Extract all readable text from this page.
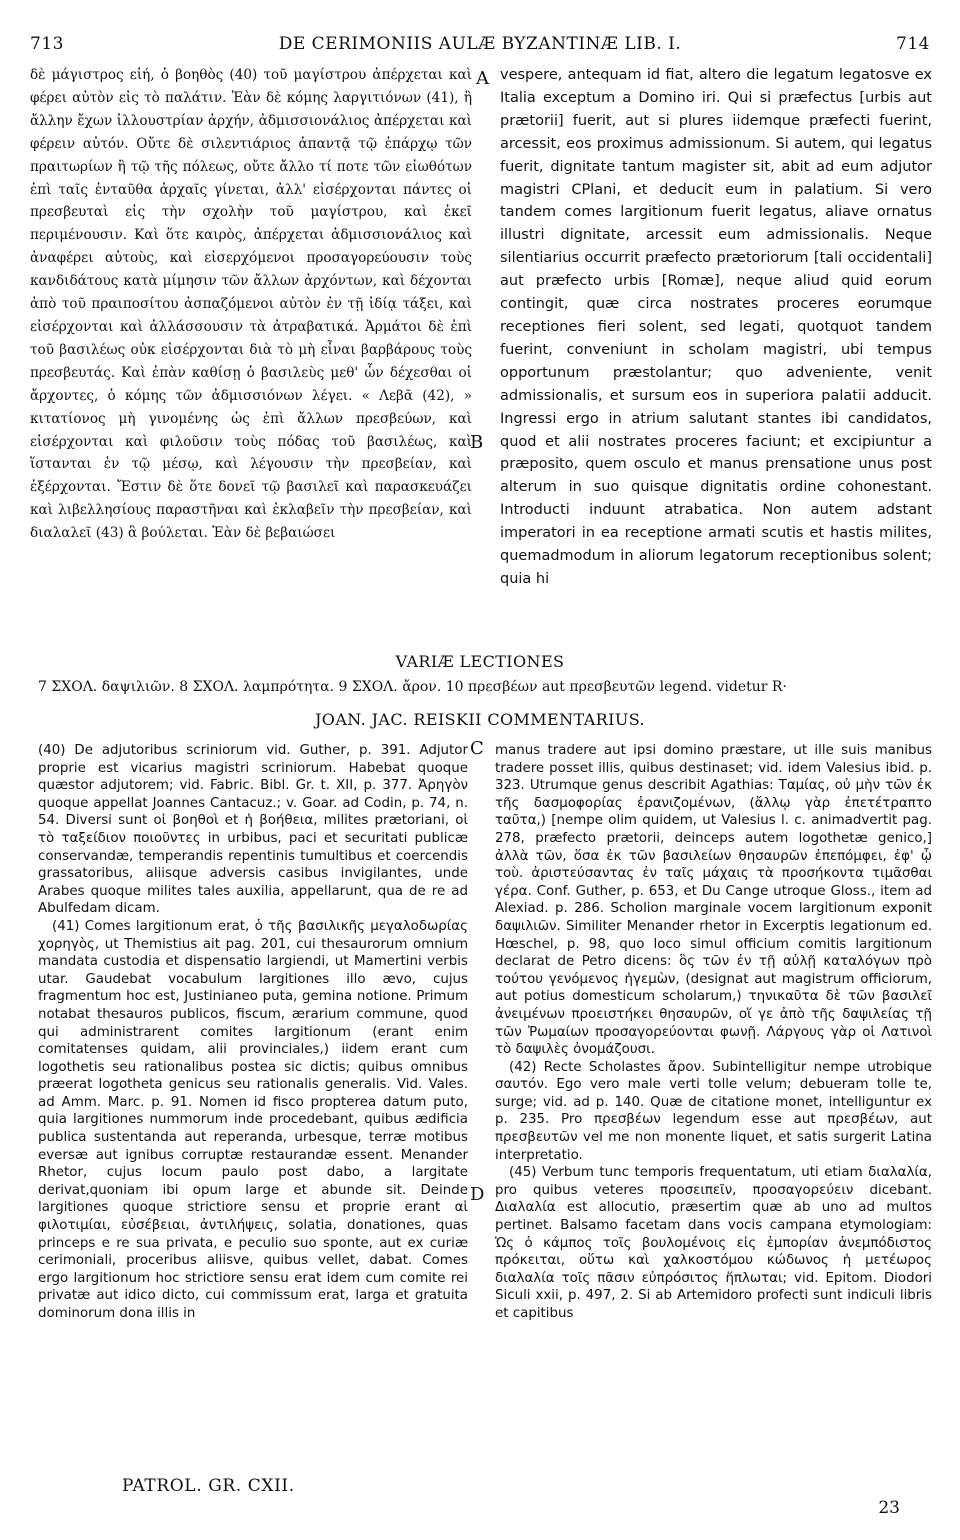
713	DE CERIMONIIS AULÆ BYZANTINÆ LIB. I.	714
A
B
C
D

δὲ μάγιστρος εἰή, ὁ βοηθὸς (40) τοῦ μαγίστρου ἀπέρχεται καὶ φέρει αὐτὸν εἰς τὸ παλάτιν. Ἐὰν δὲ κόμης λαργιτιόνων (41), ἢ ἄλλην ἔχων ἰλλουστρίαν ἀρχήν, ἀδμισσιονάλιος ἀπέρχεται καὶ φέρειν αὐτόν. Οὔτε δὲ σιλεντιάριος ἀπαντᾷ τῷ ἐπάρχῳ τῶν πραιτωρίων ἢ τῷ τῆς πόλεως, οὔτε ἄλλο τί ποτε τῶν εἰωθότων ἐπὶ ταῖς ἐνταῦθα ἀρχαῖς γίνεται, ἀλλ' εἰσέρχονται πάντες οἱ πρεσβευταὶ εἰς τὴν σχολὴν τοῦ μαγίστρου, καὶ ἐκεῖ περιμένουσιν. Καὶ ὅτε καιρὸς, ἀπέρχεται ἀδμισσιονάλιος καὶ ἀναφέρει αὐτοὺς, καὶ εἰσερχόμενοι προσαγορεύουσιν τοὺς κανδιδάτους κατὰ μίμησιν τῶν ἄλλων ἀρχόντων, καὶ δέχονται ἀπὸ τοῦ πραιποσίτου ἀσπαζόμενοι αὐτὸν ἐν τῇ ἰδίᾳ τάξει, καὶ εἰσέρχονται καὶ ἀλλάσσουσιν τὰ ἀτραβατικά. Ἀρμάτοι δὲ ἐπὶ τοῦ βασιλέως οὐκ εἰσέρχονται διὰ τὸ μὴ εἶναι βαρβάρους τοὺς πρεσβευτάς. Καὶ ἐπὰν καθίσῃ ὁ βασιλεὺς μεθ' ὧν δέχεσθαι οἱ ἄρχοντες, ὁ κόμης τῶν ἀδμισσιόνων λέγει. « Λεβᾶ (42), » κιτατίονος μὴ γινομένης ὡς ἐπὶ ἄλλων πρεσβεύων, καὶ εἰσέρχονται καὶ φιλοῦσιν τοὺς πόδας τοῦ βασιλέως, καὶ ἵστανται ἐν τῷ μέσῳ, καὶ λέγουσιν τὴν πρεσβείαν, καὶ ἐξέρχονται. Ἔστιν δὲ ὅτε δονεῖ τῷ βασιλεῖ καὶ παρασκευάζει καὶ λιβελλησίους παραστῆναι καὶ ἐκλαβεῖν τὴν πρεσβείαν, καὶ διαλαλεῖ (43) ἃ βούλεται. Ἐὰν δὲ βεβαιώσει

vespere, antequam id fiat, altero die legatum legatosve ex Italia exceptum a Domino iri. Qui si præfectus [urbis aut prætorii] fuerit, aut si plures iidemque præfecti fuerint, arcessit, eos proximus admissionum. Si autem, qui legatus fuerit, dignitate tantum magister sit, abit ad eum adjutor magistri CPlani, et deducit eum in palatium. Si vero tandem comes largitionum fuerit legatus, aliave ornatus illustri dignitate, arcessit eum admissionalis. Neque silentiarius occurrit præfecto prætoriorum [tali occidentali] aut præfecto urbis [Romæ], neque aliud quid eorum contingit, quæ circa nostrates proceres eorumque receptiones fieri solent, sed legati, quotquot tandem fuerint, conveniunt in scholam magistri, ubi tempus opportunum præstolantur; quo adveniente, venit admissionalis, et sursum eos in superiora palatii adducit. Ingressi ergo in atrium salutant stantes ibi candidatos, quod et alii nostrates proceres faciunt; et excipiuntur a præposito, quem osculo et manus prensatione unus post alterum in suo quisque dignitatis ordine cohonestant. Introducti induunt atrabatica. Non autem adstant imperatori in ea receptione armati scutis et hastis milites, quemadmodum in aliorum legatorum receptionibus solent; quia hi

VARIÆ LECTIONES
7 ΣΧΟΛ. δαψιλιῶν. 8 ΣΧΟΛ. λαμπρότητα. 9 ΣΧΟΛ. ἄρον. 10 πρεσβέων aut πρεσβευτῶν legend. videtur R·
JOAN. JAC. REISKII COMMENTARIUS.

(40) De adjutoribus scriniorum vid. Guther, p. 391. Adjutor proprie est vicarius magistri scriniorum. Habebat quoque quæstor adjutorem; vid. Fabric. Bibl. Gr. t. XII, p. 377. Ἀρηγὸν quoque appellat Joannes Cantacuz.; v. Goar. ad Codin, p. 74, n. 54. Diversi sunt οἱ βοηθοὶ et ἡ βοήθεια, milites prætoriani, οἱ τὸ ταξείδιον ποιοῦντες in urbibus, paci et securitati publicæ conservandæ, temperandis repentinis tumultibus et coercendis grassatoribus, aliisque adversis casibus invigilantes, unde Arabes quoque milites tales auxilia, appellarunt, qua de re ad Abulfedam dicam.

(41) Comes largitionum erat, ὁ τῆς βασιλικῆς μεγαλοδωρίας χορηγὸς, ut Themistius ait pag. 201, cui thesaurorum omnium mandata custodia et dispensatio largiendi, ut Mamertini verbis utar. Gaudebat vocabulum largitiones illo ævo, cujus fragmentum hoc est, Justinianeo puta, gemina notione. Primum notabat thesauros publicos, fiscum, ærarium commune, quod qui administrarent comites largitionum (erant enim comitatenses quidam, alii provinciales,) iidem erant cum logothetis seu rationalibus postea sic dictis; quibus omnibus præerat logotheta genicus seu rationalis generalis. Vid. Vales. ad Amm. Marc. p. 91. Nomen id fisco propterea datum puto, quia largitiones nummorum inde procedebant, quibus ædificia publica sustentanda aut reperanda, urbesque, terræ motibus eversæ aut ignibus corruptæ restaurandæ essent. Menander Rhetor, cujus locum paulo post dabo, a largitate derivat,quoniam ibi opum large et abunde sit. Deinde largitiones quoque strictiore sensu et proprie erant αἱ φιλοτιμίαι, εὐσέβειαι, ἀντιλήψεις, solatia, donationes, quas princeps e re sua privata, e peculio suo sponte, aut ex curiæ cerimoniali, proceribus aliisve, quibus vellet, dabat. Comes ergo largitionum hoc strictiore sensu erat idem cum comite rei privatæ aut idico dicto, cui commissum erat, larga et gratuita dominorum dona illis in

manus tradere aut ipsi domino præstare, ut ille suis manibus tradere posset illis, quibus destinaset; vid. idem Valesius ibid. p. 323. Utrumque genus describit Agathias: Ταμίας, οὐ μὴν τῶν ἐκ τῆς δασμοφορίας ἐρανιζομένων, (ἄλλῳ γὰρ ἐπετέτραπτο ταῦτα,) [nempe olim quidem, ut Valesius l. c. animadvertit pag. 278, præfecto prætorii, deinceps autem logothetæ genico,] ἀλλὰ τῶν, ὅσα ἐκ τῶν βασιλείων θησαυρῶν ἐπεπόμφει, ἐφ' ᾧ τοὺ. ἀριστεύσαντας ἐν ταῖς μάχαις τὰ προσήκοντα τιμᾶσθαι γέρα. Conf. Guther, p. 653, et Du Cange utroque Gloss., item ad Alexiad. p. 286. Scholion marginale vocem largitionum exponit δαψιλιῶν. Similiter Menander rhetor in Excerptis legationum ed. Hœschel, p. 98, quo loco simul officium comitis largitionum declarat de Petro dicens: ὃς τῶν ἐν τῇ αὐλῇ καταλόγων πρὸ τούτου γενόμενος ἡγεμὼν, (designat aut magistrum officiorum, aut potius domesticum scholarum,) τηνικαῦτα δὲ τῶν βασιλεῖ ἀνειμένων προειστήκει θησαυρῶν, οἵ γε ἀπὸ τῆς δαψιλείας τῇ τῶν Ῥωμαίων προσαγορεύονται φωνῇ. Λάργους γὰρ οἱ Λατινοὶ τὸ δαψιλὲς ὀνομάζουσι.

(42) Recte Scholastes ἄρον. Subintelligitur nempe utrobique σαυτόν. Ego vero male verti tolle velum; debueram tolle te, surge; vid. ad p. 140. Quæ de citatione monet, intelliguntur ex p. 235. Pro πρεσβέων legendum esse aut πρεσβέων, aut πρεσβευτῶν vel me non monente liquet, et satis surgerit Latina interpretatio.

(45) Verbum tunc temporis frequentatum, uti etiam διαλαλία, pro quibus veteres προσειπεῖν, προσαγορεύειν dicebant. Διαλαλία est allocutio, præsertim quæ ab uno ad multos pertinet. Balsamo facetam dans vocis campana etymologiam: Ὡς ὁ κάμπος τοῖς βουλομένοις εἰς ἐμπορίαν ἀνεμπόδιστος πρόκειται, οὕτω καὶ χαλκοστόμου κώδωνος ἡ μετέωρος διαλαλία τοῖς πᾶσιν εὐπρόσιτος ἥπλωται; vid. Epitom. Diodori Siculi xxii, p. 497, 2. Si ab Artemidoro profecti sunt indiculi libris et capitibus

PATROL. GR. CXII.
23
